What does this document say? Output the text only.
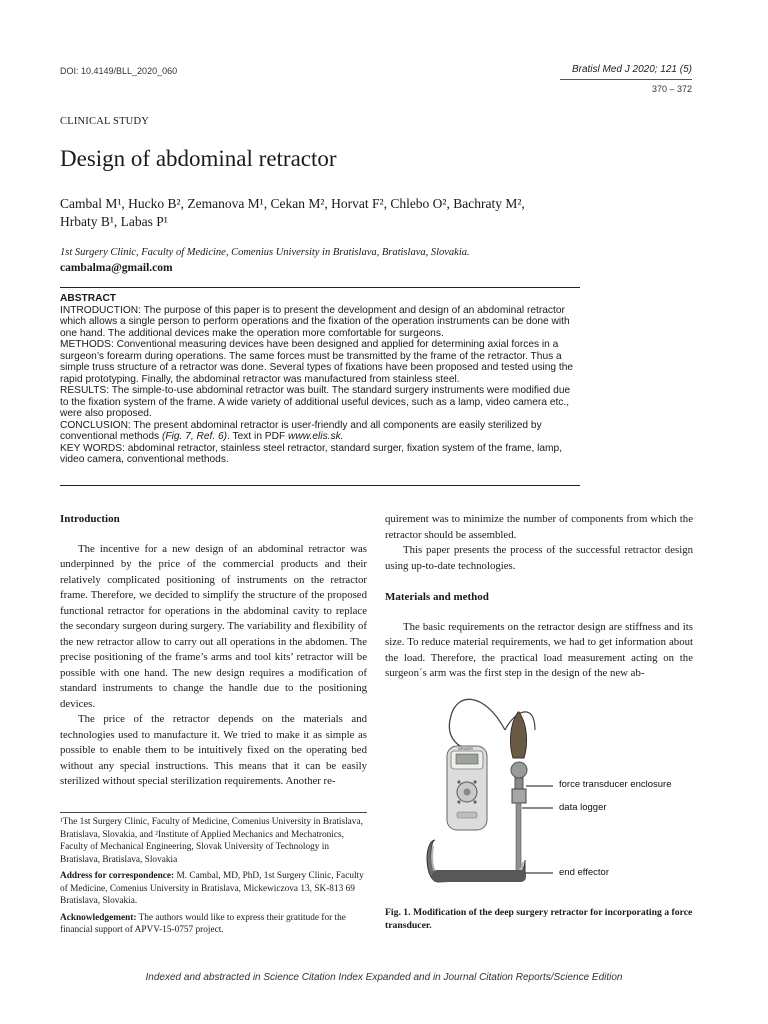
DOI: 10.4149/BLL_2020_060	Bratisl Med J 2020; 121 (5)
370 – 372
CLINICAL STUDY
Design of abdominal retractor
Cambal M¹, Hucko B², Zemanova M¹, Cekan M², Horvat F², Chlebo O², Bachraty M²,
Hrbaty B¹, Labas P¹
1st Surgery Clinic, Faculty of Medicine, Comenius University in Bratislava, Bratislava, Slovakia.
cambalma@gmail.com

ABSTRACT

INTRODUCTION: The purpose of this paper is to present the development and design of an abdominal retractor which allows a single person to perform operations and the fixation of the operation instruments can be done with one hand. The additional devices make the operation more comfortable for surgeons.

METHODS: Conventional measuring devices have been designed and applied for determining axial forces in a surgeon’s forearm during operations. The same forces must be transmitted by the frame of the retractor. Thus a simple truss structure of a retractor was done. Several types of fixations have been proposed and tested using the rapid prototyping. Finally, the abdominal retractor was manufactured from stainless steel.

RESULTS: The simple-to-use abdominal retractor was built. The standard surgery instruments were modified due to the fixation system of the frame. A wide variety of additional useful devices, such as a lamp, video camera etc., were also proposed.

CONCLUSION: The present abdominal retractor is user-friendly and all components are easily sterilized by conventional methods (Fig. 7, Ref. 6). Text in PDF www.elis.sk.

KEY WORDS: abdominal retractor, stainless steel retractor, standard surger, fixation system of the frame, lamp, video camera, conventional methods.

Introduction

The incentive for a new design of an abdominal retractor was underpinned by the price of the commercial products and their relatively complicated positioning of instruments on the retractor frame. Therefore, we decided to simplify the structure of the proposed functional retractor for operations in the abdominal cavity to replace the secondary surgeon during surgery. The variability and flexibility of the new retractor allow to carry out all operations in the abdomen. The precise positioning of the frame’s arms and tool kits’ retractor will be possible with one hand. The new design requires a modification of standard instruments to change the handle due to the positioning devices.

The price of the retractor depends on the materials and technologies used to manufacture it. We tried to make it as simple as possible to enable them to be intuitively fixed on the operating bed without any special instructions. This means that it can be easily sterilized without special sterilization requirements. Another re-

¹The 1st Surgery Clinic, Faculty of Medicine, Comenius University in Bratislava, Bratislava, Slovakia, and ²Institute of Applied Mechanics and Mechatronics, Faculty of Mechanical Engineering, Slovak University of Technology in Bratislava, Bratislava, Slovakia

Address for correspondence: M. Cambal, MD, PhD, 1st Surgery Clinic, Faculty of Medicine, Comenius University in Bratislava, Mickewiczova 13, SK-813 69 Bratislava, Slovakia.

Acknowledgement: The authors would like to express their gratitude for the financial support of APVV-15-0757 project.

quirement was to minimize the number of components from which the retractor should be assembled.

This paper presents the process of the successful retractor design using up-to-date technologies.

Materials and method

The basic requirements on the retractor design are stiffness and its size. To reduce material requirements, we had to get information about the load. Therefore, the practical load measurement acting on the surgeon´s arm was the first step in the design of the new ab-

SPIDER
force transducer enclosure
data logger
end effector
Fig. 1. Modification of the deep surgery retractor for incorporating a force transducer.
Indexed and abstracted in Science Citation Index Expanded and in Journal Citation Reports/Science Edition
